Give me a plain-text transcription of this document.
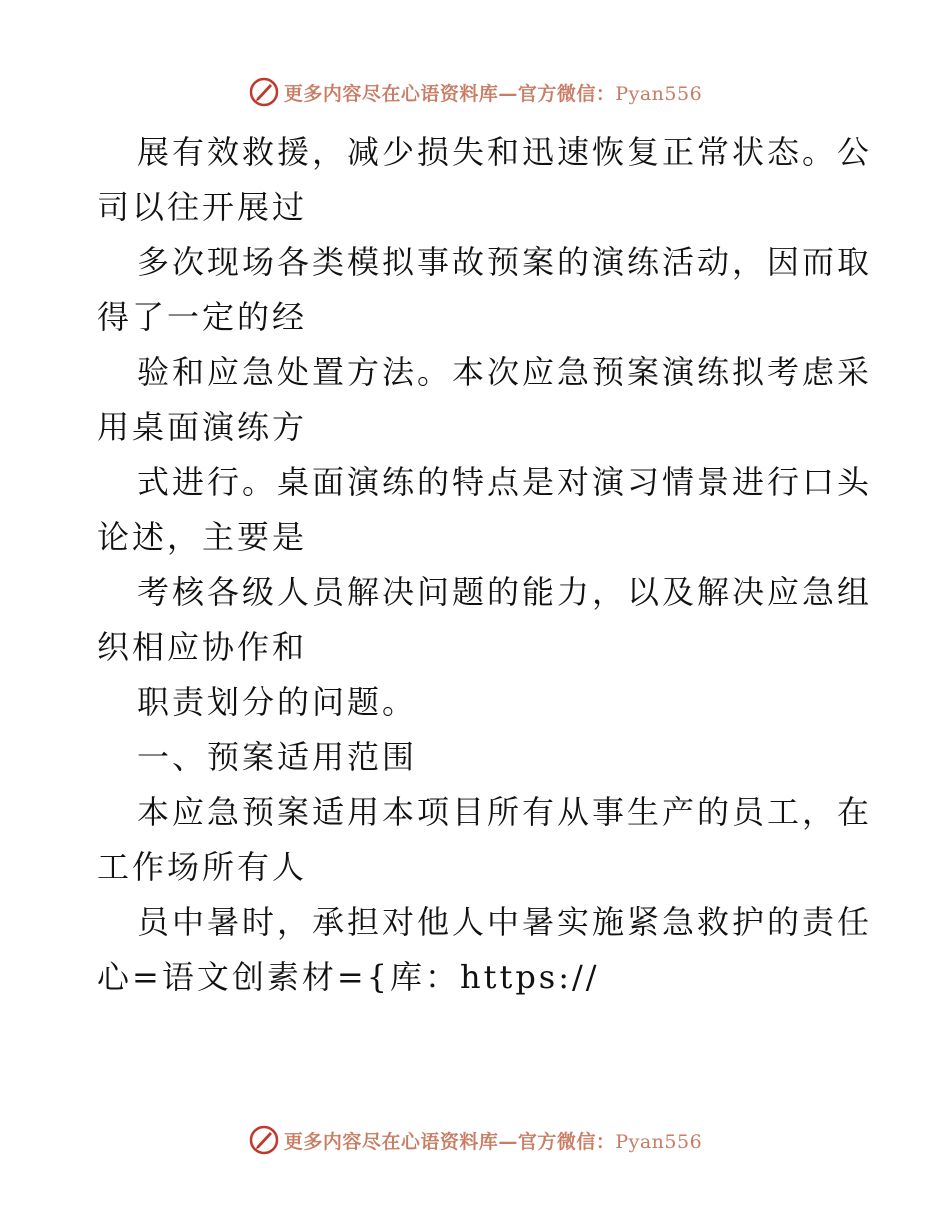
更多内容尽在心语资料库—官方微信：Pyan556
展有效救援，减少损失和迅速恢复正常状态。公
司以往开展过
多次现场各类模拟事故预案的演练活动，因而取
得了一定的经
验和应急处置方法。本次应急预案演练拟考虑采
用桌面演练方
式进行。桌面演练的特点是对演习情景进行口头
论述，主要是
考核各级人员解决问题的能力，以及解决应急组
织相应协作和
职责划分的问题。
一、预案适用范围
本应急预案适用本项目所有从事生产的员工，在
工作场所有人
员中暑时，承担对他人中暑实施紧急救护的责任
心=语文创素材={库：https://
更多内容尽在心语资料库—官方微信：Pyan556
